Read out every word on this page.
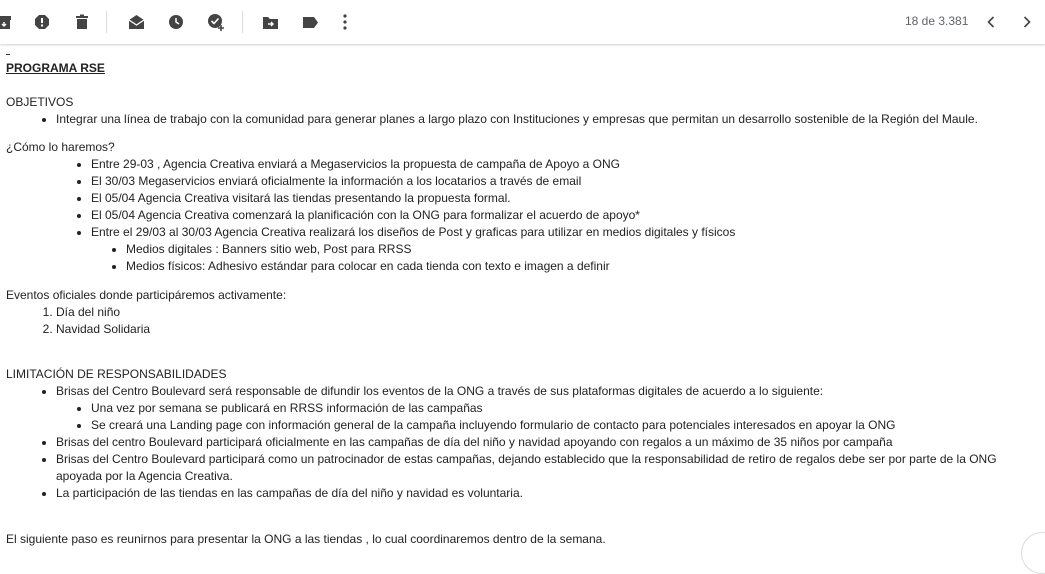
18 de 3.381

PROGRAMA RSE

OBJETIVOS

• Integrar una línea de trabajo con la comunidad para generar planes a largo plazo con Instituciones y empresas que permitan un desarrollo sostenible de la Región del Maule.

¿Cómo lo haremos?

• Entre 29-03 , Agencia Creativa enviará a Megaservicios la propuesta de campaña de Apoyo a ONG
• El 30/03 Megaservicios enviará oficialmente la información a los locatarios a través de email
• El 05/04 Agencia Creativa visitará las tiendas presentando la propuesta formal.
• El 05/04 Agencia Creativa comenzará la planificación con la ONG para formalizar el acuerdo de apoyo*
• Entre el 29/03 al 30/03 Agencia Creativa realizará los diseños de Post y graficas para utilizar en medios digitales y físicos
• Medios digitales : Banners sitio web, Post para RRSS
• Medios físicos: Adhesivo estándar para colocar en cada tienda con texto e imagen a definir

Eventos oficiales donde participáremos activamente:

1. Día del niño
2. Navidad Solidaria

LIMITACIÓN DE RESPONSABILIDADES

• Brisas del Centro Boulevard será responsable de difundir los eventos de la ONG a través de sus plataformas digitales de acuerdo a lo siguiente:
• Una vez por semana se publicará en RRSS información de las campañas
• Se creará una Landing page con información general de la campaña incluyendo formulario de contacto para potenciales interesados en apoyar la ONG
• Brisas del centro Boulevard participará oficialmente en las campañas de día del niño y navidad apoyando con regalos a un máximo de 35 niños por campaña
• Brisas del Centro Boulevard participará como un patrocinador de estas campañas, dejando establecido que la responsabilidad de retiro de regalos debe ser por parte de la ONG apoyada por la Agencia Creativa.
• La participación de las tiendas en las campañas de día del niño y navidad es voluntaria.

El siguiente paso es reunirnos para presentar la ONG a las tiendas , lo cual coordinaremos dentro de la semana.
